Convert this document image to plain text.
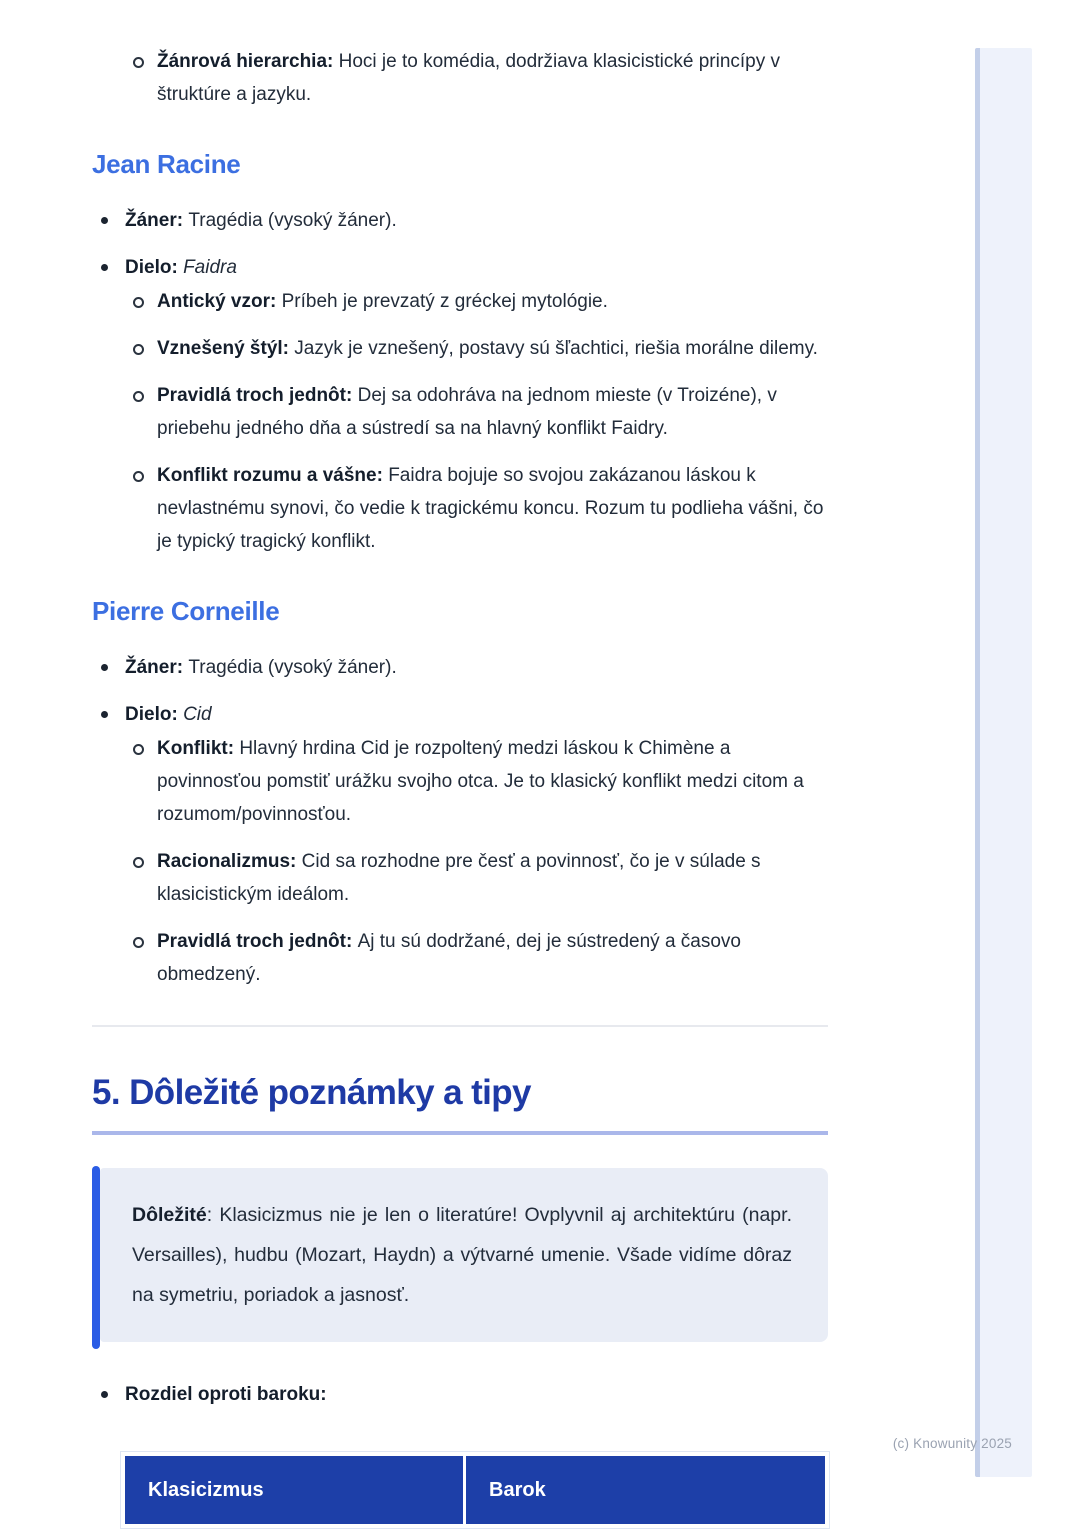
(c) Knowunity 2025
Žánrová hierarchia: Hoci je to komédia, dodržiava klasicistické princípy v štruktúre a jazyku.
Jean Racine
Žáner: Tragédia (vysoký žáner).
Dielo: Faidra
Antický vzor: Príbeh je prevzatý z gréckej mytológie.
Vznešený štýl: Jazyk je vznešený, postavy sú šľachtici, riešia morálne dilemy.
Pravidlá troch jednôt: Dej sa odohráva na jednom mieste (v Troizéne), v priebehu jedného dňa a sústredí sa na hlavný konflikt Faidry.
Konflikt rozumu a vášne: Faidra bojuje so svojou zakázanou láskou k nevlastnému synovi, čo vedie k tragickému koncu. Rozum tu podlieha vášni, čo je typický tragický konflikt.
Pierre Corneille
Žáner: Tragédia (vysoký žáner).
Dielo: Cid
Konflikt: Hlavný hrdina Cid je rozpoltený medzi láskou k Chimène a povinnosťou pomstiť urážku svojho otca. Je to klasický konflikt medzi citom a rozumom/povinnosťou.
Racionalizmus: Cid sa rozhodne pre česť a povinnosť, čo je v súlade s klasicistickým ideálom.
Pravidlá troch jednôt: Aj tu sú dodržané, dej je sústredený a časovo obmedzený.
5. Dôležité poznámky a tipy
Dôležité: Klasicizmus nie je len o literatúre! Ovplyvnil aj architektúru (napr. Versailles), hudbu (Mozart, Haydn) a výtvarné umenie. Všade vidíme dôraz na symetriu, poriadok a jasnosť.
Rozdiel oproti baroku:
Klasicizmus	Barok
